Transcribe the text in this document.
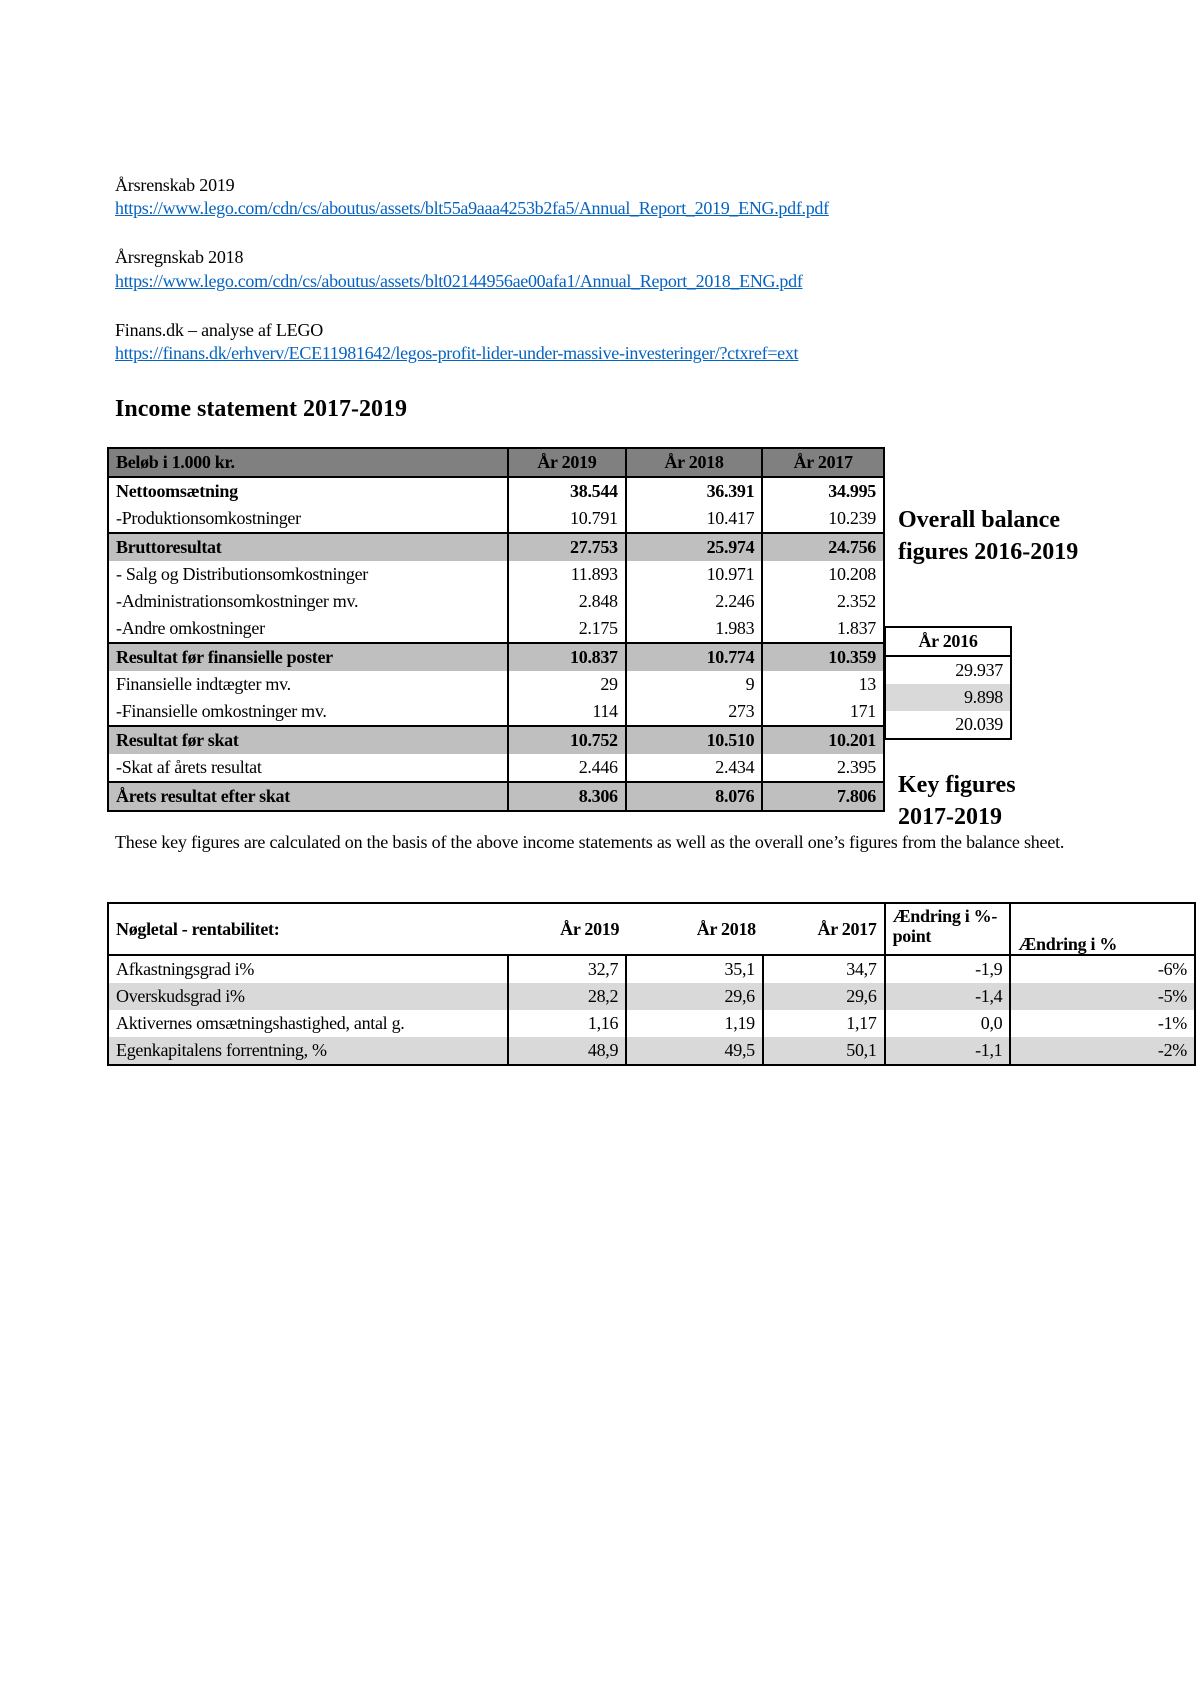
Årsrenskab 2019
https://www.lego.com/cdn/cs/aboutus/assets/blt55a9aaa4253b2fa5/Annual_Report_2019_ENG.pdf.pdf
Årsregnskab 2018
https://www.lego.com/cdn/cs/aboutus/assets/blt02144956ae00afa1/Annual_Report_2018_ENG.pdf
Finans.dk – analyse af LEGO
https://finans.dk/erhverv/ECE11981642/legos-profit-lider-under-massive-investeringer/?ctxref=ext
Income statement 2017-2019
Beløb i 1.000 kr.	År 2019	År 2018	År 2017
Nettoomsætning	38.544	36.391	34.995
-Produktionsomkostninger	10.791	10.417	10.239
Bruttoresultat	27.753	25.974	24.756
- Salg og Distributionsomkostninger	11.893	10.971	10.208
-Administrationsomkostninger mv.	2.848	2.246	2.352
-Andre omkostninger	2.175	1.983	1.837
Resultat før finansielle poster	10.837	10.774	10.359
Finansielle indtægter mv.	29	9	13
-Finansielle omkostninger mv.	114	273	171
Resultat før skat	10.752	10.510	10.201
-Skat af årets resultat	2.446	2.434	2.395
Årets resultat efter skat	8.306	8.076	7.806
Overall balance figures 2016-2019
År 2016
29.937
9.898
20.039
Key figures 2017-2019
These key figures are calculated on the basis of the above income statements as well as the overall one’s figures from the balance sheet.
Nøgletal - rentabilitet:	År 2019	År 2018	År 2017	Ændring i %-point	Ændring i %
Afkastningsgrad i%	32,7	35,1	34,7	-1,9	-6%
Overskudsgrad i%	28,2	29,6	29,6	-1,4	-5%
Aktivernes omsætningshastighed, antal g.	1,16	1,19	1,17	0,0	-1%
Egenkapitalens forrentning, %	48,9	49,5	50,1	-1,1	-2%
